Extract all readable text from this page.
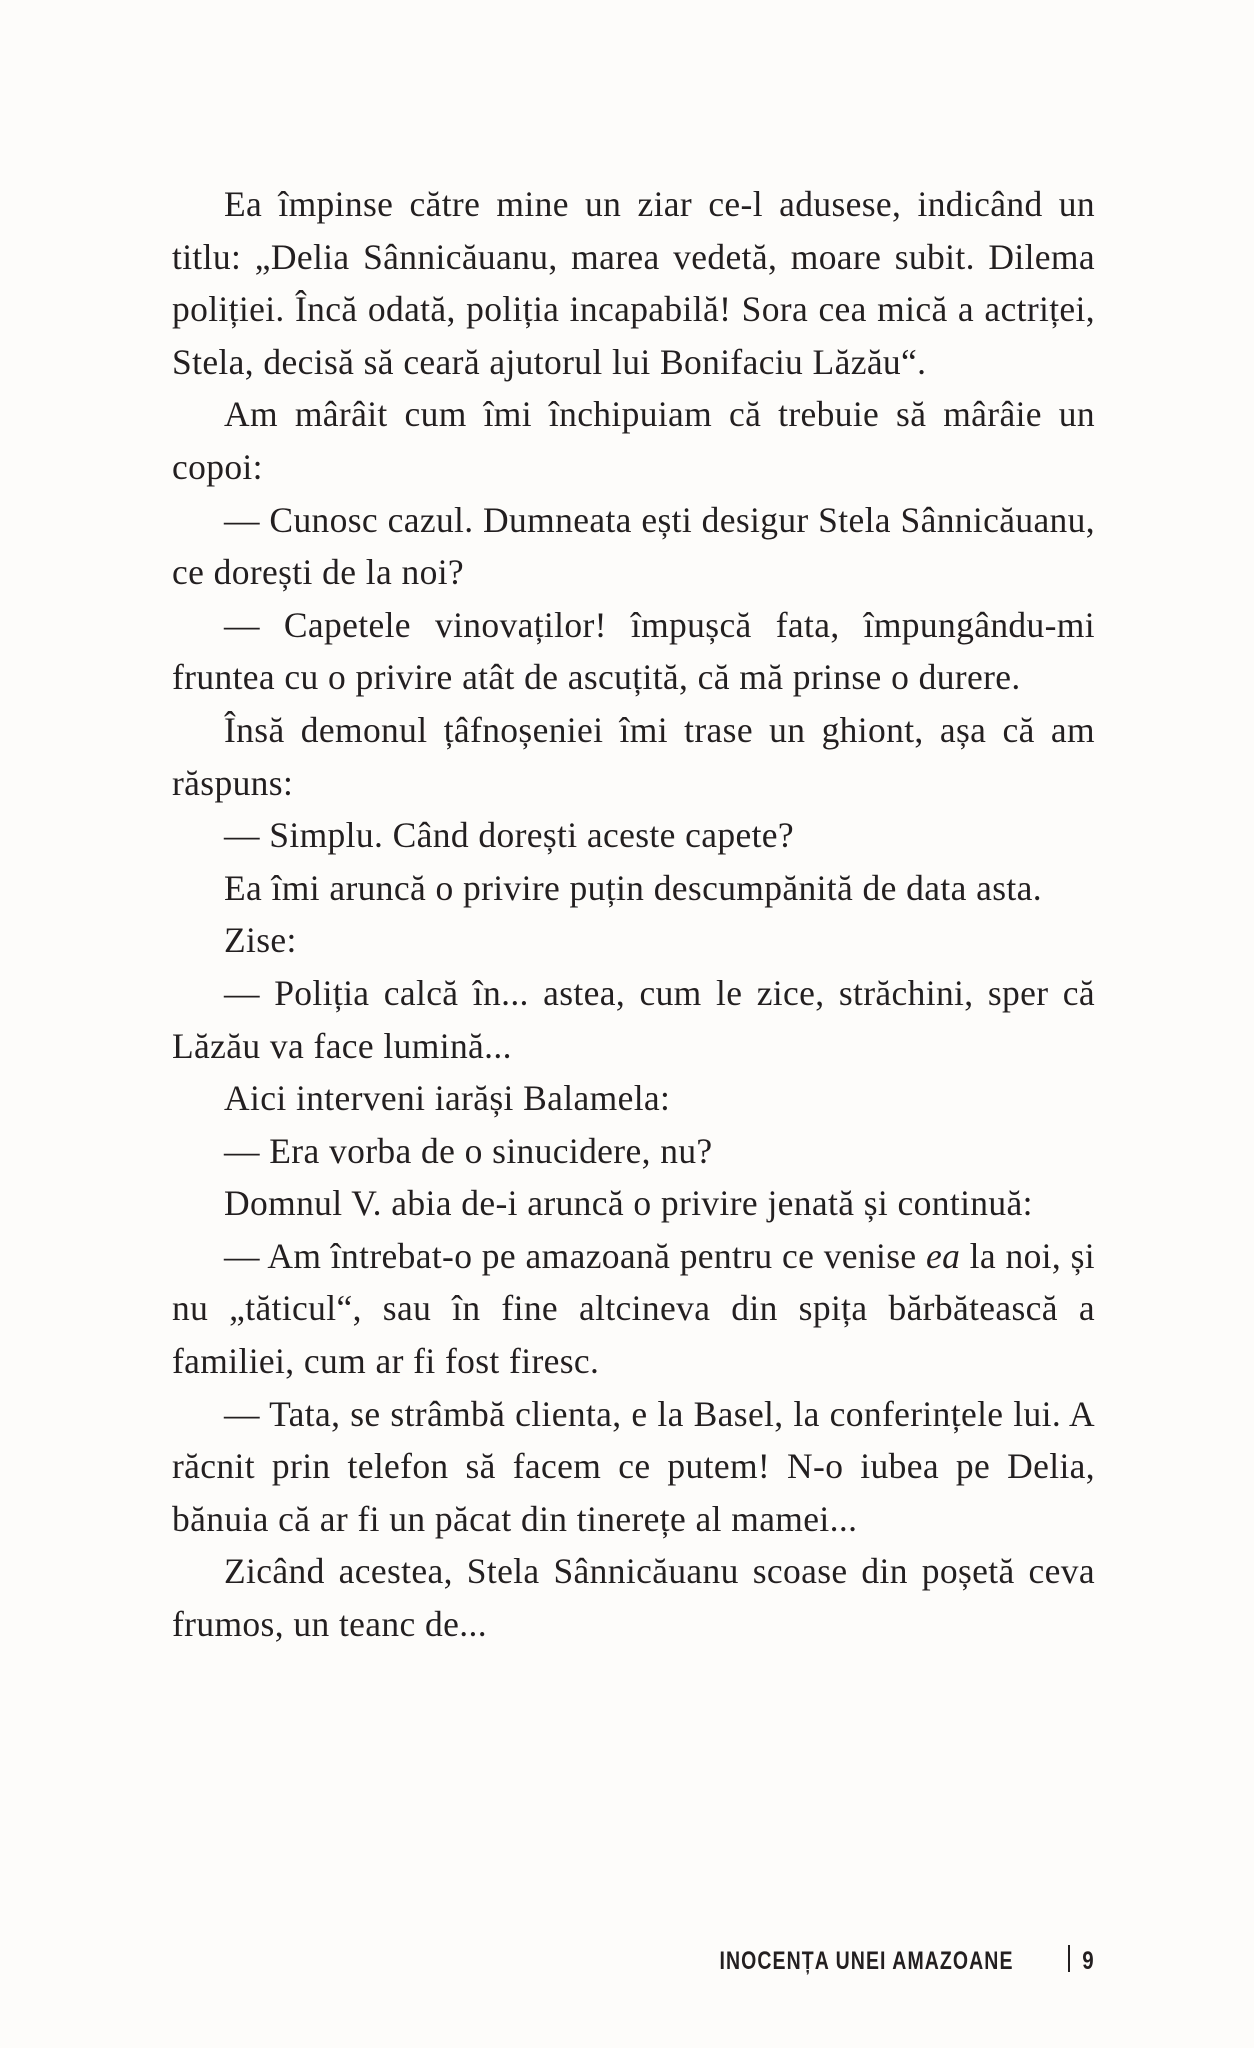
Ea împinse către mine un ziar ce-l adusese, indicând un titlu: „Delia Sânnicăuanu, marea vedetă, moare subit. Dilema poliției. Încă odată, poliția incapabilă! Sora cea mică a actriței, Stela, decisă să ceară ajutorul lui Bonifaciu Lăzău“.

Am mârâit cum îmi închipuiam că trebuie să mârâie un copoi:

— Cunosc cazul. Dumneata ești desigur Stela Sânnicăuanu, ce dorești de la noi?

— Capetele vinovaților! împușcă fata, împungându-mi fruntea cu o privire atât de ascuțită, că mă prinse o durere.

Însă demonul țâfnoșeniei îmi trase un ghiont, așa că am răspuns:

— Simplu. Când dorești aceste capete?

Ea îmi aruncă o privire puțin descumpănită de data asta.

Zise:

— Poliția calcă în... astea, cum le zice, străchini, sper că Lăzău va face lumină...

Aici interveni iarăși Balamela:

— Era vorba de o sinucidere, nu?

Domnul V. abia de-i aruncă o privire jenată și continuă:

— Am întrebat-o pe amazoană pentru ce venise ea la noi, și nu „tăticul“, sau în fine altcineva din spița bărbătească a familiei, cum ar fi fost firesc.

— Tata, se strâmbă clienta, e la Basel, la conferințele lui. A răcnit prin telefon să facem ce putem! N-o iubea pe Delia, bănuia că ar fi un păcat din tinerețe al mamei...

Zicând acestea, Stela Sânnicăuanu scoase din poșetă ceva frumos, un teanc de...

INOCENȚA UNEI AMAZOANE	9
